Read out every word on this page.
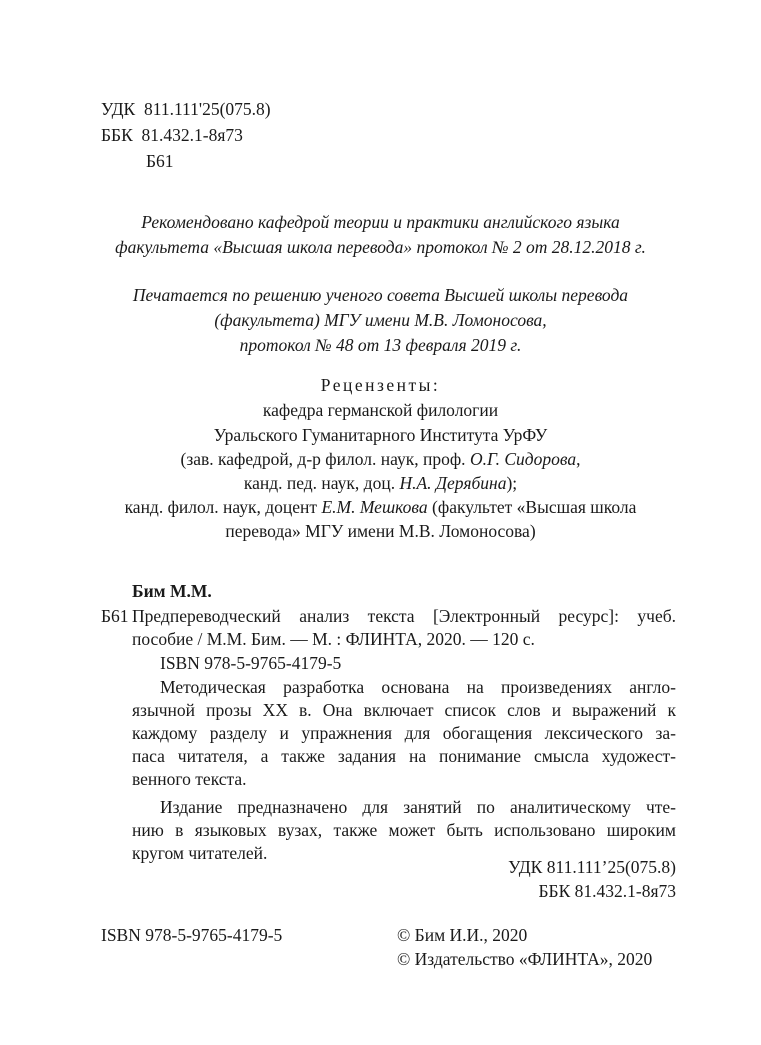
УДК 811.111'25(075.8)
ББК 81.432.1-8я73
Б61
Рекомендовано кафедрой теории и практики английского языка
факультета «Высшая школа перевода» протокол № 2 от 28.12.2018 г.
Печатается по решению ученого совета Высшей школы перевода
(факультета) МГУ имени М.В. Ломоносова,
протокол № 48 от 13 февраля 2019 г.
Рецензенты:
кафедра германской филологии
Уральского Гуманитарного Института УрФУ
(зав. кафедрой, д-р филол. наук, проф. О.Г. Сидорова,
канд. пед. наук, доц. Н.А. Дерябина);
канд. филол. наук, доцент Е.М. Мешкова (факультет «Высшая школа
перевода» МГУ имени М.В. Ломоносова)
Бим М.М.
Б61 Предпереводческий анализ текста [Электронный ресурс]: учеб.

пособие / М.М. Бим. — М. : ФЛИНТА, 2020. — 120 с.

ISBN 978-5-9765-4179-5

Методическая разработка основана на произведениях англо-

язычной прозы XX в. Она включает список слов и выражений к

каждому разделу и упражнения для обогащения лексического за-

паса читателя, а также задания на понимание смысла художест-

венного текста.

Издание предназначено для занятий по аналитическому чте-

нию в языковых вузах, также может быть использовано широким

кругом читателей.

УДК 811.111’25(075.8)
ББК 81.432.1-8я73
ISBN 978-5-9765-4179-5	© Бим И.И., 2020
© Издательство «ФЛИНТА», 2020
